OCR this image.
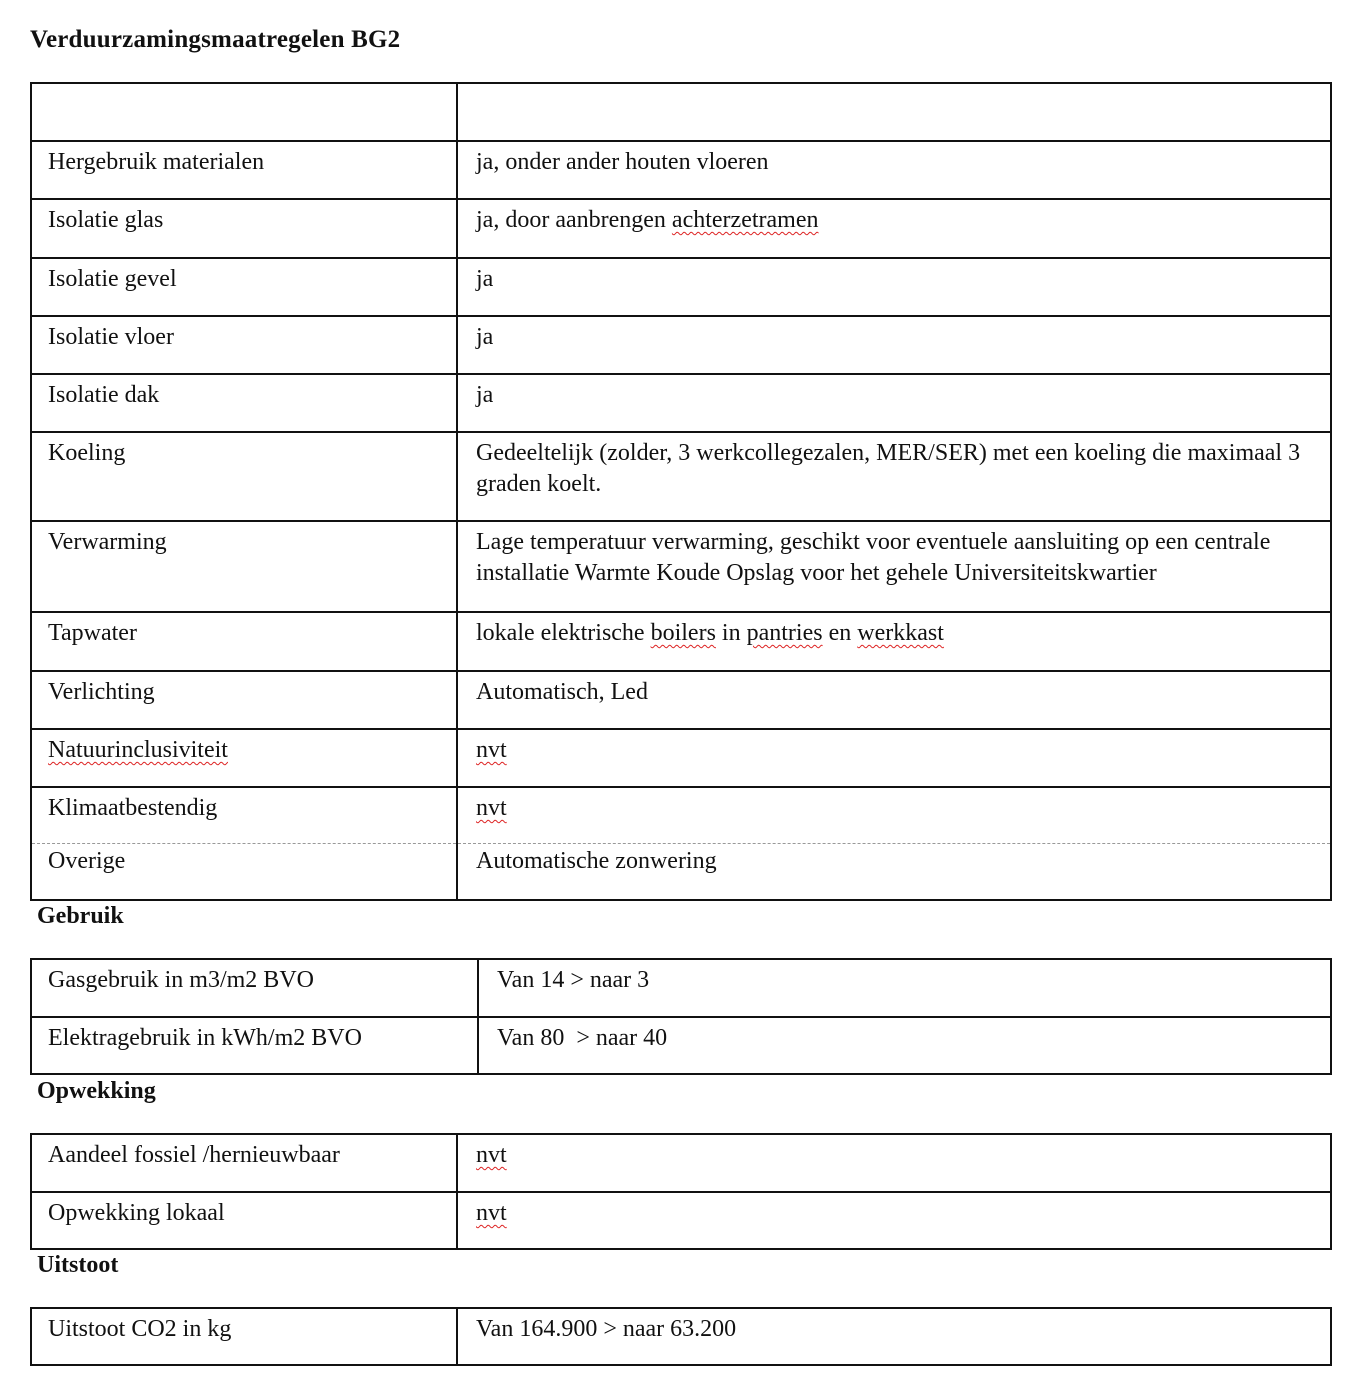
Verduurzamingsmaatregelen BG2

Hergebruik materialen	ja, onder ander houten vloeren
Isolatie glas	ja, door aanbrengen achterzetramen
Isolatie gevel	ja
Isolatie vloer	ja
Isolatie dak	ja
Koeling	Gedeeltelijk (zolder, 3 werkcollegezalen, MER/SER) met een koeling die maximaal 3 graden koelt.
Verwarming	Lage temperatuur verwarming, geschikt voor eventuele aansluiting op een centrale installatie Warmte Koude Opslag voor het gehele Universiteitskwartier
Tapwater	lokale elektrische boilers in pantries en werkkast
Verlichting	Automatisch, Led
Natuurinclusiviteit	nvt
Klimaatbestendig	nvt
Overige	Automatische zonwering
Gebruik
Gasgebruik in m3/m2 BVO	Van 14 > naar 3
Elektragebruik in kWh/m2 BVO	Van 80  > naar 40
Opwekking
Aandeel fossiel /hernieuwbaar	nvt
Opwekking lokaal	nvt
Uitstoot
Uitstoot CO2 in kg	Van 164.900 > naar 63.200
